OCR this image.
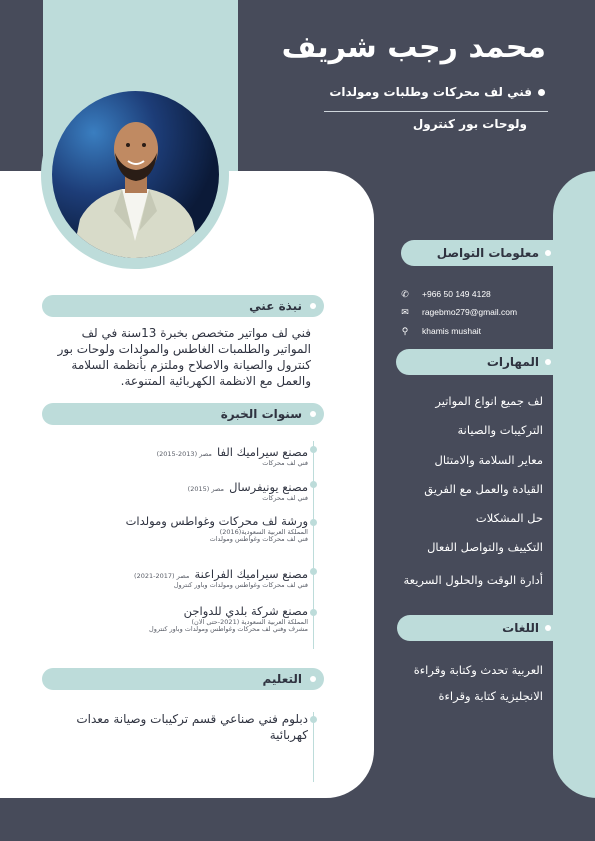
محمد رجب شريف
فني لف محركات وطلبات ومولدات
ولوحات بور كنترول
معلومات التواصل
✆ +966 50 149 4128
✉ ragebmo279@gmail.com
⚲ khamis mushait
المهارات
لف جميع انواع المواتير
التركيبات والصيانة
معاير السلامة والامتثال
القيادة والعمل مع الفريق
حل المشكلات
التكييف والتواصل الفعال
أدارة الوقت والحلول السريعة
اللغات
العربية تحدث وكتابة وقراءة
الانجليزية كتابة وقراءة
نبذة عني
فني لف مواتير متخصص بخبرة 13سنة في لف المواتير والطلمبات الغاطس والمولدات ولوحات بور كنترول والصيانة والاصلاح وملتزم بأنظمة السلامة والعمل مع الانظمة الكهربائية المتنوعة.
سنوات الخبرة
مصنع سيراميك الفا مصر (2013-2015)
فني لف محركات
مصنع يونيفرسال مصر (2015)
فني لف محركات
ورشة لف محركات وغواطس ومولدات
المملكة العربية السعودية(2016)
فني لف محركات وغواطس ومولدات
مصنع سيراميك الفراعنة مصر (2017-2021)
فني لف محركات وغواطس ومولدات وباور كنترول
مصنع شركة بلدي للدواجن
المملكة العربية السعودية (2021-حتى الان)
مشرف وفني لف محركات وغواطس ومولدات وباور كنترول
التعليم
دبلوم فني صناعي قسم تركيبات وصيانة معدات كهربائية
